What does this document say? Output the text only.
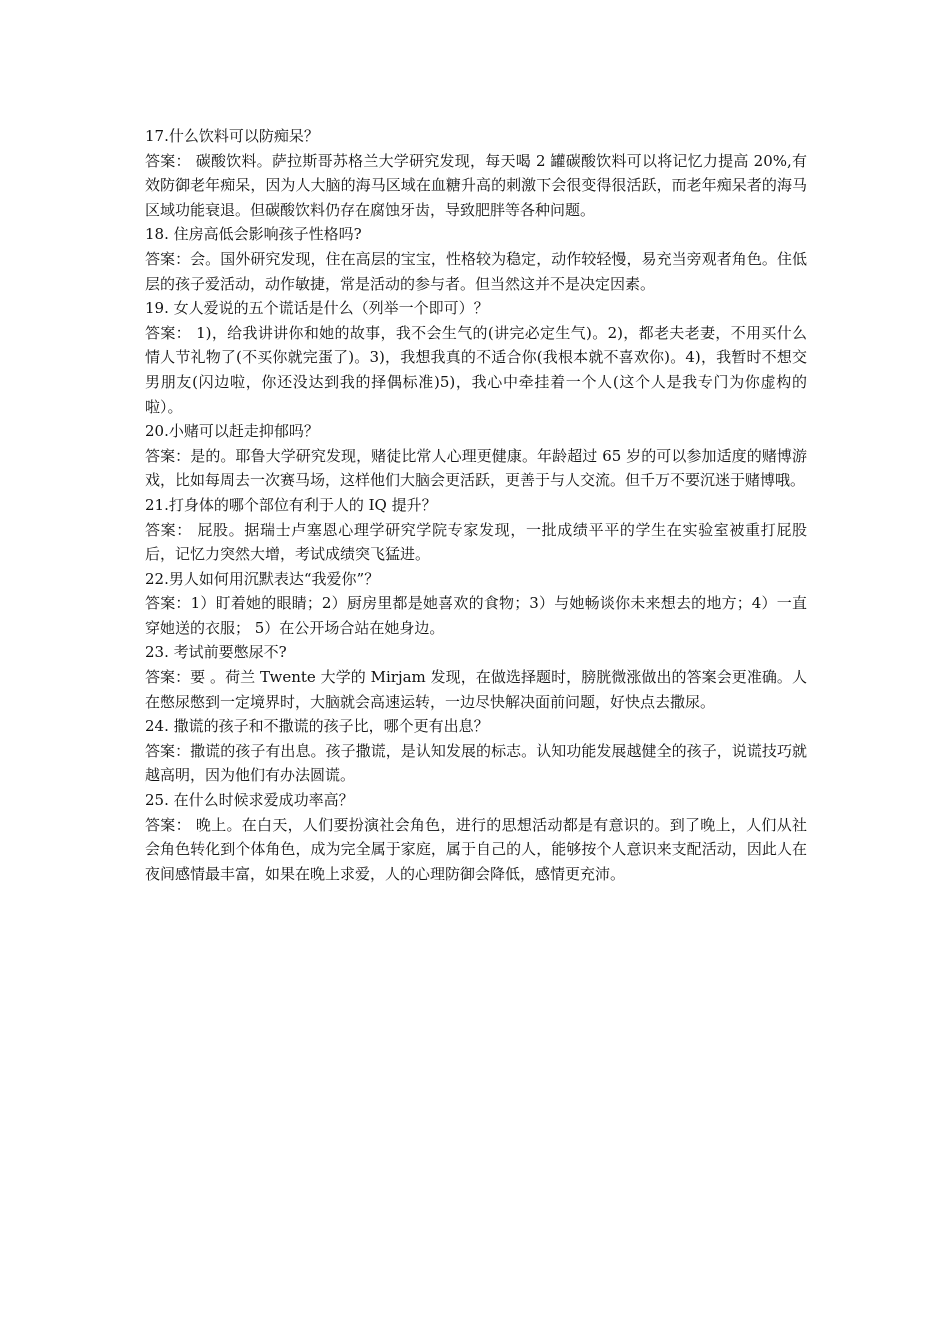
17.什么饮料可以防痴呆？

答案： 碳酸饮料。萨拉斯哥苏格兰大学研究发现，每天喝 2 罐碳酸饮料可以将记忆力提高 20%,有效防御老年痴呆，因为人大脑的海马区域在血糖升高的刺激下会很变得很活跃，而老年痴呆者的海马区域功能衰退。但碳酸饮料仍存在腐蚀牙齿，导致肥胖等各种问题。

18. 住房高低会影响孩子性格吗?

答案：会。国外研究发现，住在高层的宝宝，性格较为稳定，动作较轻慢，易充当旁观者角色。住低层的孩子爱活动，动作敏捷，常是活动的参与者。但当然这并不是决定因素。

19. 女人爱说的五个谎话是什么（列举一个即可）？

答案： 1)，给我讲讲你和她的故事，我不会生气的(讲完必定生气)。2)，都老夫老妻，不用买什么情人节礼物了(不买你就完蛋了)。3)，我想我真的不适合你(我根本就不喜欢你)。4)，我暂时不想交男朋友(闪边啦，你还没达到我的择偶标准)5)，我心中牵挂着一个人(这个人是我专门为你虚构的啦）。

20.小赌可以赶走抑郁吗？

答案：是的。耶鲁大学研究发现，赌徒比常人心理更健康。年龄超过 65 岁的可以参加适度的赌博游戏，比如每周去一次赛马场，这样他们大脑会更活跃，更善于与人交流。但千万不要沉迷于赌博哦。

21.打身体的哪个部位有利于人的 IQ 提升？

答案： 屁股。据瑞士卢塞恩心理学研究学院专家发现，一批成绩平平的学生在实验室被重打屁股后，记忆力突然大增，考试成绩突飞猛进。

22.男人如何用沉默表达“我爱你”？

答案：1）盯着她的眼睛；2）厨房里都是她喜欢的食物；3）与她畅谈你未来想去的地方；4）一直穿她送的衣服； 5）在公开场合站在她身边。

23. 考试前要憋尿不?

答案：要 。荷兰 Twente 大学的 Mirjam 发现，在做选择题时，膀胱微涨做出的答案会更准确。人在憋尿憋到一定境界时，大脑就会高速运转，一边尽快解决面前问题，好快点去撒尿。

24. 撒谎的孩子和不撒谎的孩子比，哪个更有出息？

答案：撒谎的孩子有出息。孩子撒谎，是认知发展的标志。认知功能发展越健全的孩子，说谎技巧就越高明，因为他们有办法圆谎。

25. 在什么时候求爱成功率高？

答案： 晚上。在白天，人们要扮演社会角色，进行的思想活动都是有意识的。到了晚上，人们从社会角色转化到个体角色，成为完全属于家庭，属于自己的人，能够按个人意识来支配活动，因此人在夜间感情最丰富，如果在晚上求爱，人的心理防御会降低，感情更充沛。
